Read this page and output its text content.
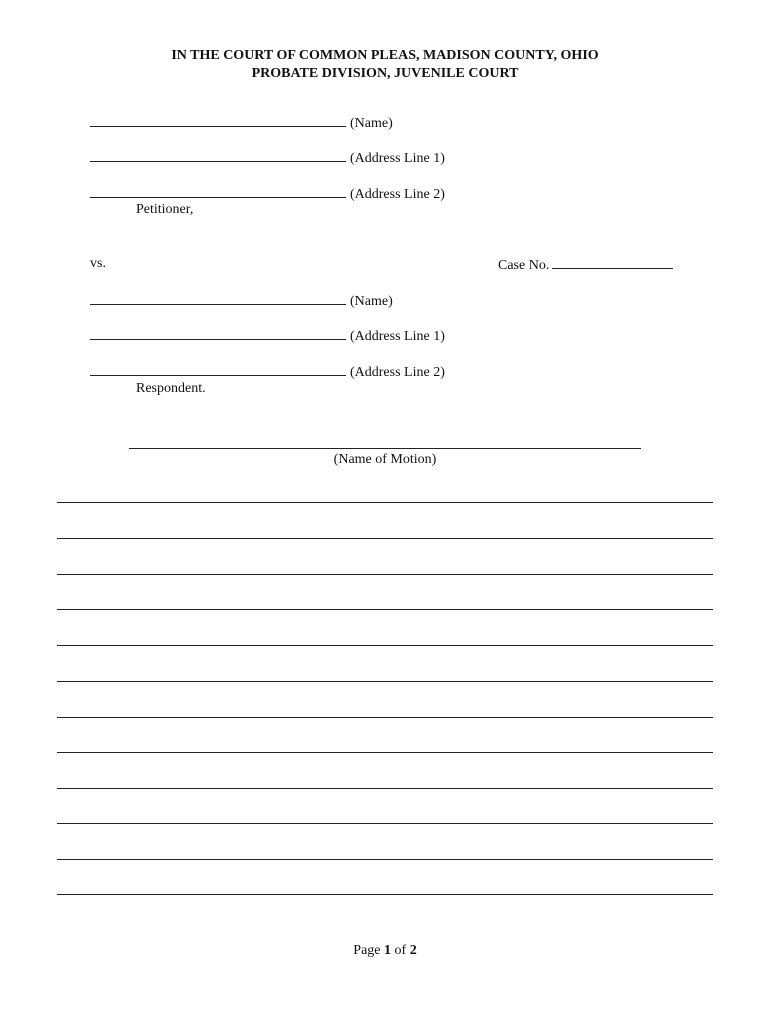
IN THE COURT OF COMMON PLEAS, MADISON COUNTY, OHIO
PROBATE DIVISION, JUVENILE COURT
(Name)
(Address Line 1)
(Address Line 2)
Petitioner,
vs.	Case No.
(Name)
(Address Line 1)
(Address Line 2)
Respondent.
(Name of Motion)
Page 1 of 2
